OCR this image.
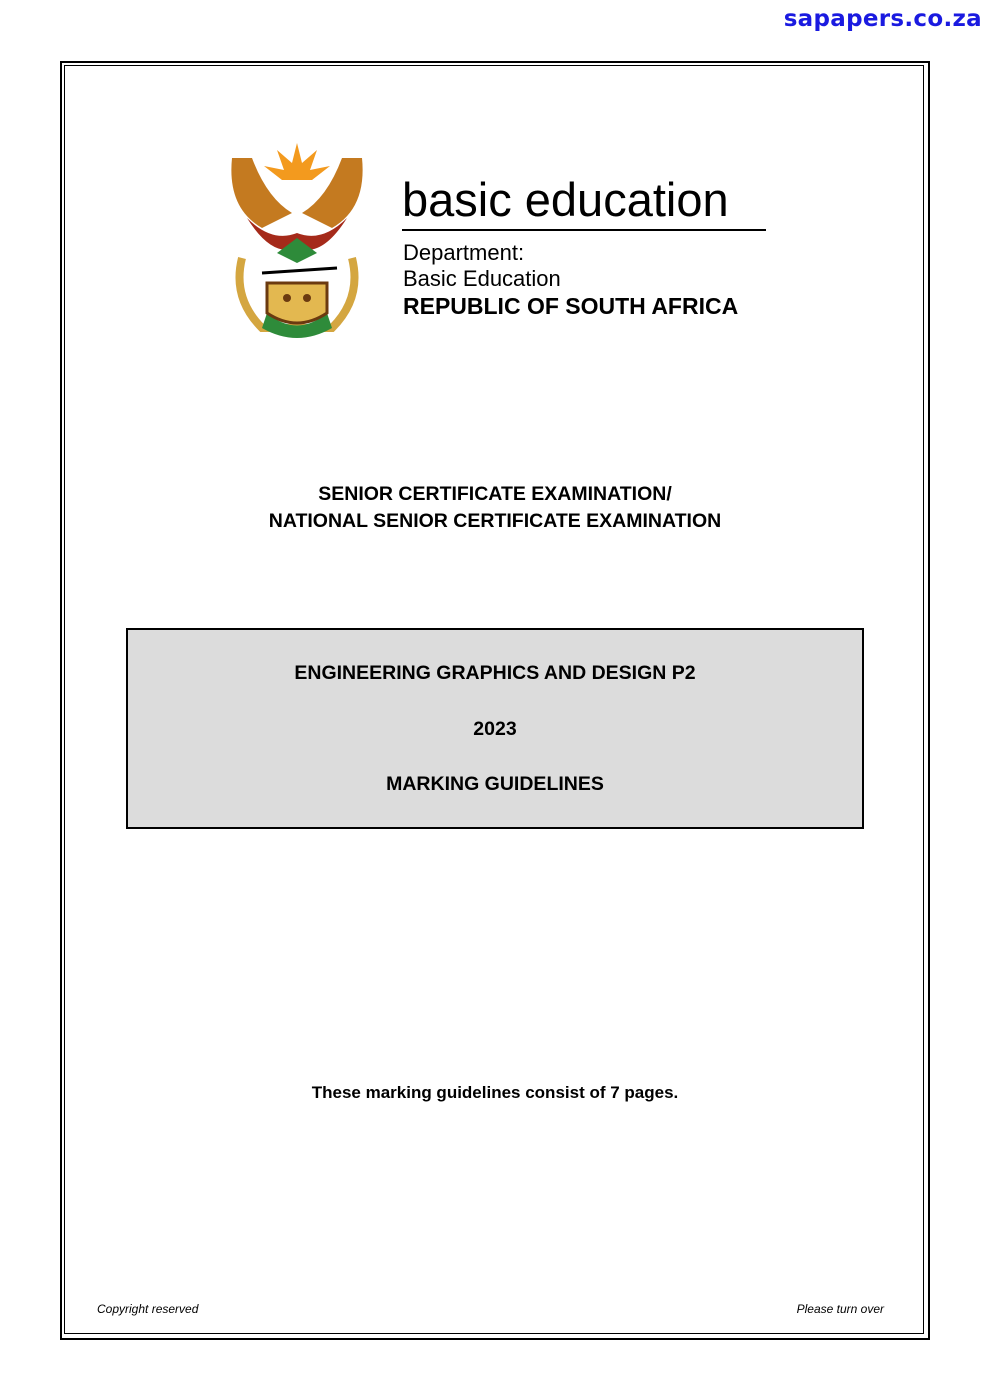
sapapers.co.za
basic education
Department:
Basic Education
REPUBLIC OF SOUTH AFRICA
SENIOR CERTIFICATE EXAMINATION/
NATIONAL SENIOR CERTIFICATE EXAMINATION
ENGINEERING GRAPHICS AND DESIGN P2
2023
MARKING GUIDELINES
These marking guidelines consist of 7 pages.
Copyright reserved	Please turn over
